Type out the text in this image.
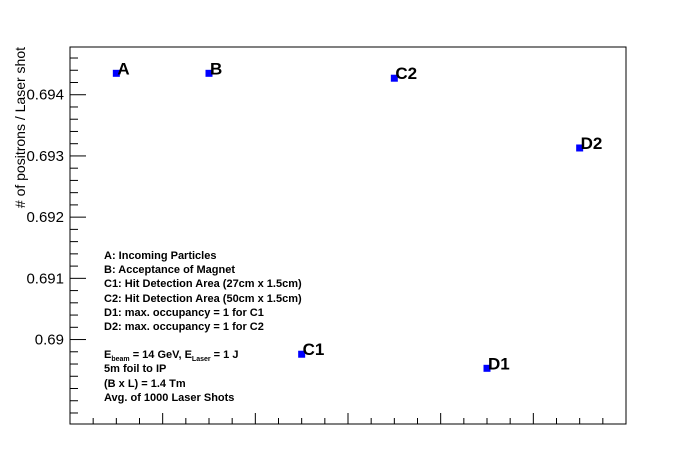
0.69
0.691
0.692
0.693
0.694
# of positrons / Laser shot	A	B
C1
C2
D1
D2
A: Incoming Particles
B: Acceptance of Magnet
C1: Hit Detection Area (27cm x 1.5cm)
C2: Hit Detection Area (50cm x 1.5cm)
D1: max. occupancy = 1 for C1
D2: max. occupancy = 1 for C2
$E_{beam} = 14$ GeV, $E_{Laser} = 1$ J
5m foil to IP
(B x L) = 1.4 Tm
Avg. of 1000 Laser Shots
